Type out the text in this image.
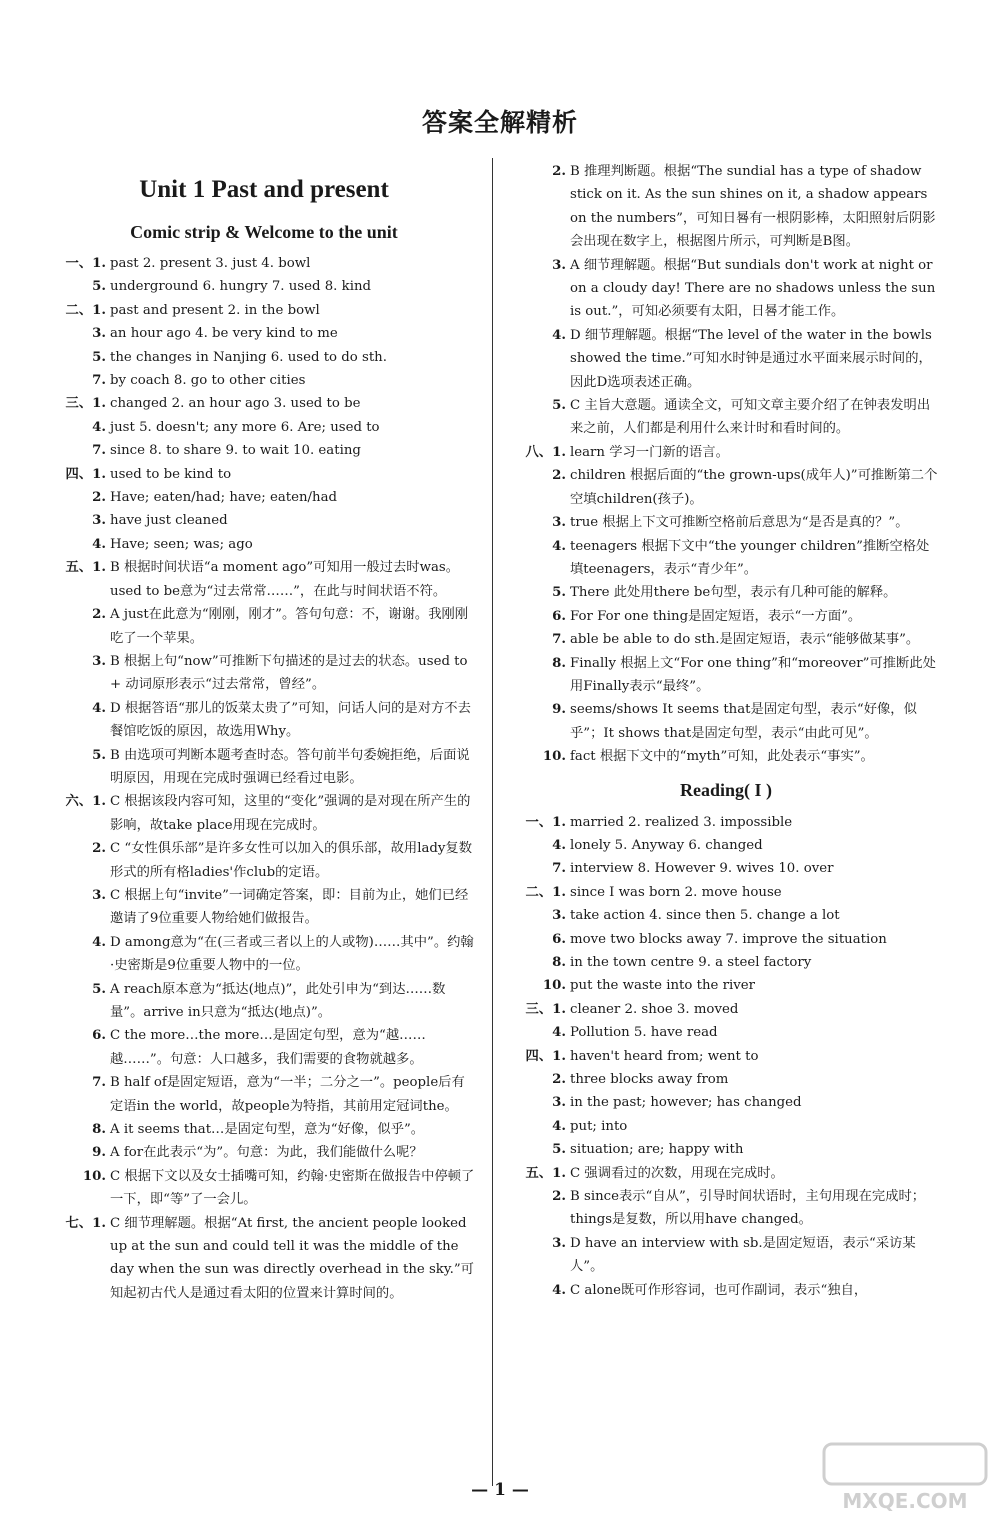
答案全解精析
Unit 1 Past and present
Comic strip & Welcome to the unit
一、1. past 2. present 3. just 4. bowl
5. underground 6. hungry 7. used 8. kind
二、1. past and present 2. in the bowl
3. an hour ago 4. be very kind to me
5. the changes in Nanjing 6. used to do sth.
7. by coach 8. go to other cities
三、1. changed 2. an hour ago 3. used to be
4. just 5. doesn't; any more 6. Are; used to
7. since 8. to share 9. to wait 10. eating
四、1. used to be kind to
2. Have; eaten/had; have; eaten/had
3. have just cleaned
4. Have; seen; was; ago
五、1. B 根据时间状语“a moment ago”可知用一般过去时was。used to be意为“过去常常……”，在此与时间状语不符。
2. A just在此意为“刚刚，刚才”。答句句意：不，谢谢。我刚刚吃了一个苹果。
3. B 根据上句“now”可推断下句描述的是过去的状态。used to + 动词原形表示“过去常常，曾经”。
4. D 根据答语“那儿的饭菜太贵了”可知，问话人问的是对方不去餐馆吃饭的原因，故选用Why。
5. B 由选项可判断本题考查时态。答句前半句委婉拒绝，后面说明原因，用现在完成时强调已经看过电影。
六、1. C 根据该段内容可知，这里的“变化”强调的是对现在所产生的影响，故take place用现在完成时。
2. C “女性俱乐部”是许多女性可以加入的俱乐部，故用lady复数形式的所有格ladies'作club的定语。
3. C 根据上句“invite”一词确定答案，即：目前为止，她们已经邀请了9位重要人物给她们做报告。
4. D among意为“在(三者或三者以上的人或物)……其中”。约翰·史密斯是9位重要人物中的一位。
5. A reach原本意为“抵达(地点)”，此处引申为“到达……数量”。arrive in只意为“抵达(地点)”。
6. C the more…the more…是固定句型，意为“越……越……”。句意：人口越多，我们需要的食物就越多。
7. B half of是固定短语，意为“一半；二分之一”。people后有定语in the world，故people为特指，其前用定冠词the。
8. A it seems that…是固定句型，意为“好像，似乎”。
9. A for在此表示“为”。句意：为此，我们能做什么呢？
10. C 根据下文以及女士插嘴可知，约翰·史密斯在做报告中停顿了一下，即“等”了一会儿。
七、1. C 细节理解题。根据“At first, the ancient people looked up at the sun and could tell it was the middle of the day when the sun was directly overhead in the sky.”可知起初古代人是通过看太阳的位置来计算时间的。
2. B 推理判断题。根据“The sundial has a type of shadow stick on it. As the sun shines on it, a shadow appears on the numbers”，可知日晷有一根阴影棒，太阳照射后阴影会出现在数字上，根据图片所示，可判断是B图。
3. A 细节理解题。根据“But sundials don't work at night or on a cloudy day! There are no shadows unless the sun is out.”，可知必须要有太阳，日晷才能工作。
4. D 细节理解题。根据“The level of the water in the bowls showed the time.”可知水时钟是通过水平面来展示时间的，因此D选项表述正确。
5. C 主旨大意题。通读全文，可知文章主要介绍了在钟表发明出来之前，人们都是利用什么来计时和看时间的。
八、1. learn 学习一门新的语言。
2. children 根据后面的“the grown-ups(成年人)”可推断第二个空填children(孩子)。
3. true 根据上下文可推断空格前后意思为“是否是真的？”。
4. teenagers 根据下文中“the younger children”推断空格处填teenagers，表示“青少年”。
5. There 此处用there be句型，表示有几种可能的解释。
6. For For one thing是固定短语，表示“一方面”。
7. able be able to do sth.是固定短语，表示“能够做某事”。
8. Finally 根据上文“For one thing”和“moreover”可推断此处用Finally表示“最终”。
9. seems/shows It seems that是固定句型，表示“好像，似乎”；It shows that是固定句型，表示“由此可见”。
10. fact 根据下文中的“myth”可知，此处表示“事实”。
Reading( I )
一、1. married 2. realized 3. impossible
4. lonely 5. Anyway 6. changed
7. interview 8. However 9. wives 10. over
二、1. since I was born 2. move house
3. take action 4. since then 5. change a lot
6. move two blocks away 7. improve the situation
8. in the town centre 9. a steel factory
10. put the waste into the river
三、1. cleaner 2. shoe 3. moved
4. Pollution 5. have read
四、1. haven't heard from; went to
2. three blocks away from
3. in the past; however; has changed
4. put; into
5. situation; are; happy with
五、1. C 强调看过的次数，用现在完成时。
2. B since表示“自从”，引导时间状语时，主句用现在完成时；things是复数，所以用have changed。
3. D have an interview with sb.是固定短语，表示“采访某人”。
4. C alone既可作形容词，也可作副词，表示“独自，
— 1 —	MXQE.COM
